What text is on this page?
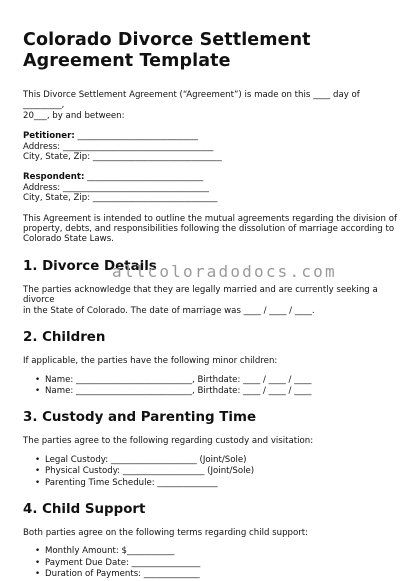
Colorado Divorce Settlement
Agreement Template

This Divorce Settlement Agreement (“Agreement”) is made on this ____ day of _________,
20___, by and between:

Petitioner: ____________________________
Address: ___________________________________
City, State, Zip: ______________________________
Respondent: ___________________________
Address: __________________________________
City, State, Zip: _____________________________

This Agreement is intended to outline the mutual agreements regarding the division of
property, debts, and responsibilities following the dissolution of marriage according to
Colorado State Laws.

1. Divorce Details

The parties acknowledge that they are legally married and are currently seeking a divorce
in the State of Colorado. The date of marriage was ____ / ____ / ____.

2. Children

If applicable, the parties have the following minor children:

• Name: ___________________________, Birthdate: ____ / ____ / ____
• Name: ___________________________, Birthdate: ____ / ____ / ____
3. Custody and Parenting Time

The parties agree to the following regarding custody and visitation:

• Legal Custody: ____________________ (Joint/Sole)
• Physical Custody: ___________________ (Joint/Sole)
• Parenting Time Schedule: ______________
4. Child Support

Both parties agree on the following terms regarding child support:

• Monthly Amount: $___________
• Payment Due Date: ________________
• Duration of Payments: _____________
allcoloradodocs.com
